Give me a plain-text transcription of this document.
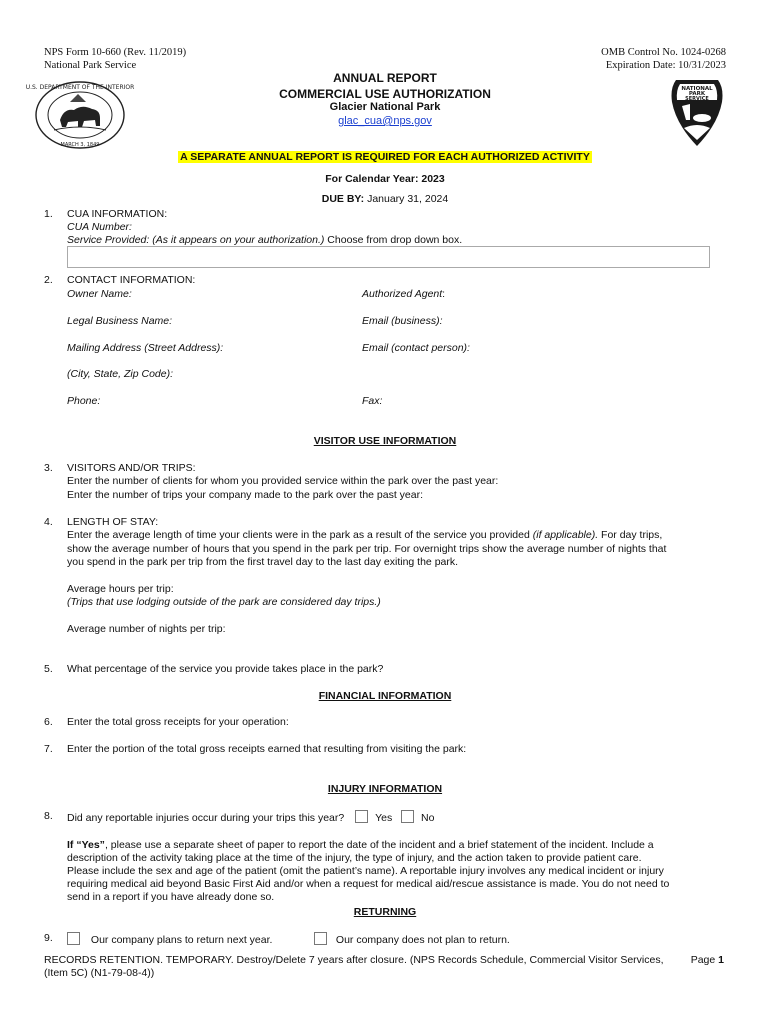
NPS Form 10-660 (Rev. 11/2019)
National Park Service
OMB Control No. 1024-0268
Expiration Date: 10/31/2023
U.S. DEPARTMENT OF THE INTERIOR
MARCH 3, 1849
NATIONAL
PARK
SERVICE
ANNUAL REPORT
COMMERCIAL USE AUTHORIZATION
Glacier National Park
glac_cua@nps.gov
A SEPARATE ANNUAL REPORT IS REQUIRED FOR EACH AUTHORIZED ACTIVITY
For Calendar Year: 2023
DUE BY: January 31, 2024
1. CUA INFORMATION:
CUA Number:
Service Provided: (As it appears on your authorization.) Choose from drop down box.
2. CONTACT INFORMATION:
Owner Name:	Authorized Agent:
Legal Business Name:	Email (business):
Mailing Address (Street Address):	Email (contact person):
(City, State, Zip Code):
Phone:	Fax:
VISITOR USE INFORMATION
3. VISITORS AND/OR TRIPS:
Enter the number of clients for whom you provided service within the park over the past year:
Enter the number of trips your company made to the park over the past year:
4. LENGTH OF STAY:
Enter the average length of time your clients were in the park as a result of the service you provided (if applicable). For day trips,
show the average number of hours that you spend in the park per trip. For overnight trips show the average number of nights that
you spend in the park per trip from the first travel day to the last day exiting the park.
Average hours per trip:
(Trips that use lodging outside of the park are considered day trips.)
Average number of nights per trip:
5. What percentage of the service you provide takes place in the park?
FINANCIAL INFORMATION
6. Enter the total gross receipts for your operation:
7. Enter the portion of the total gross receipts earned that resulting from visiting the park:
INJURY INFORMATION
8. Did any reportable injuries occur during your trips this year?	Yes	No
If “Yes”, please use a separate sheet of paper to report the date of the incident and a brief statement of the incident. Include a
description of the activity taking place at the time of the injury, the type of injury, and the action taken to provide patient care.
Please include the sex and age of the patient (omit the patient’s name). A reportable injury involves any medical incident or injury
requiring medical aid beyond Basic First Aid and/or when a request for medical aid/rescue assistance is made. You do not need to
send in a report if you have already done so.
RETURNING
9.	Our company plans to return next year.	Our company does not plan to return.
RECORDS RETENTION. TEMPORARY. Destroy/Delete 7 years after closure. (NPS Records Schedule, Commercial Visitor Services,
(Item 5C) (N1-79-08-4))
Page 1
